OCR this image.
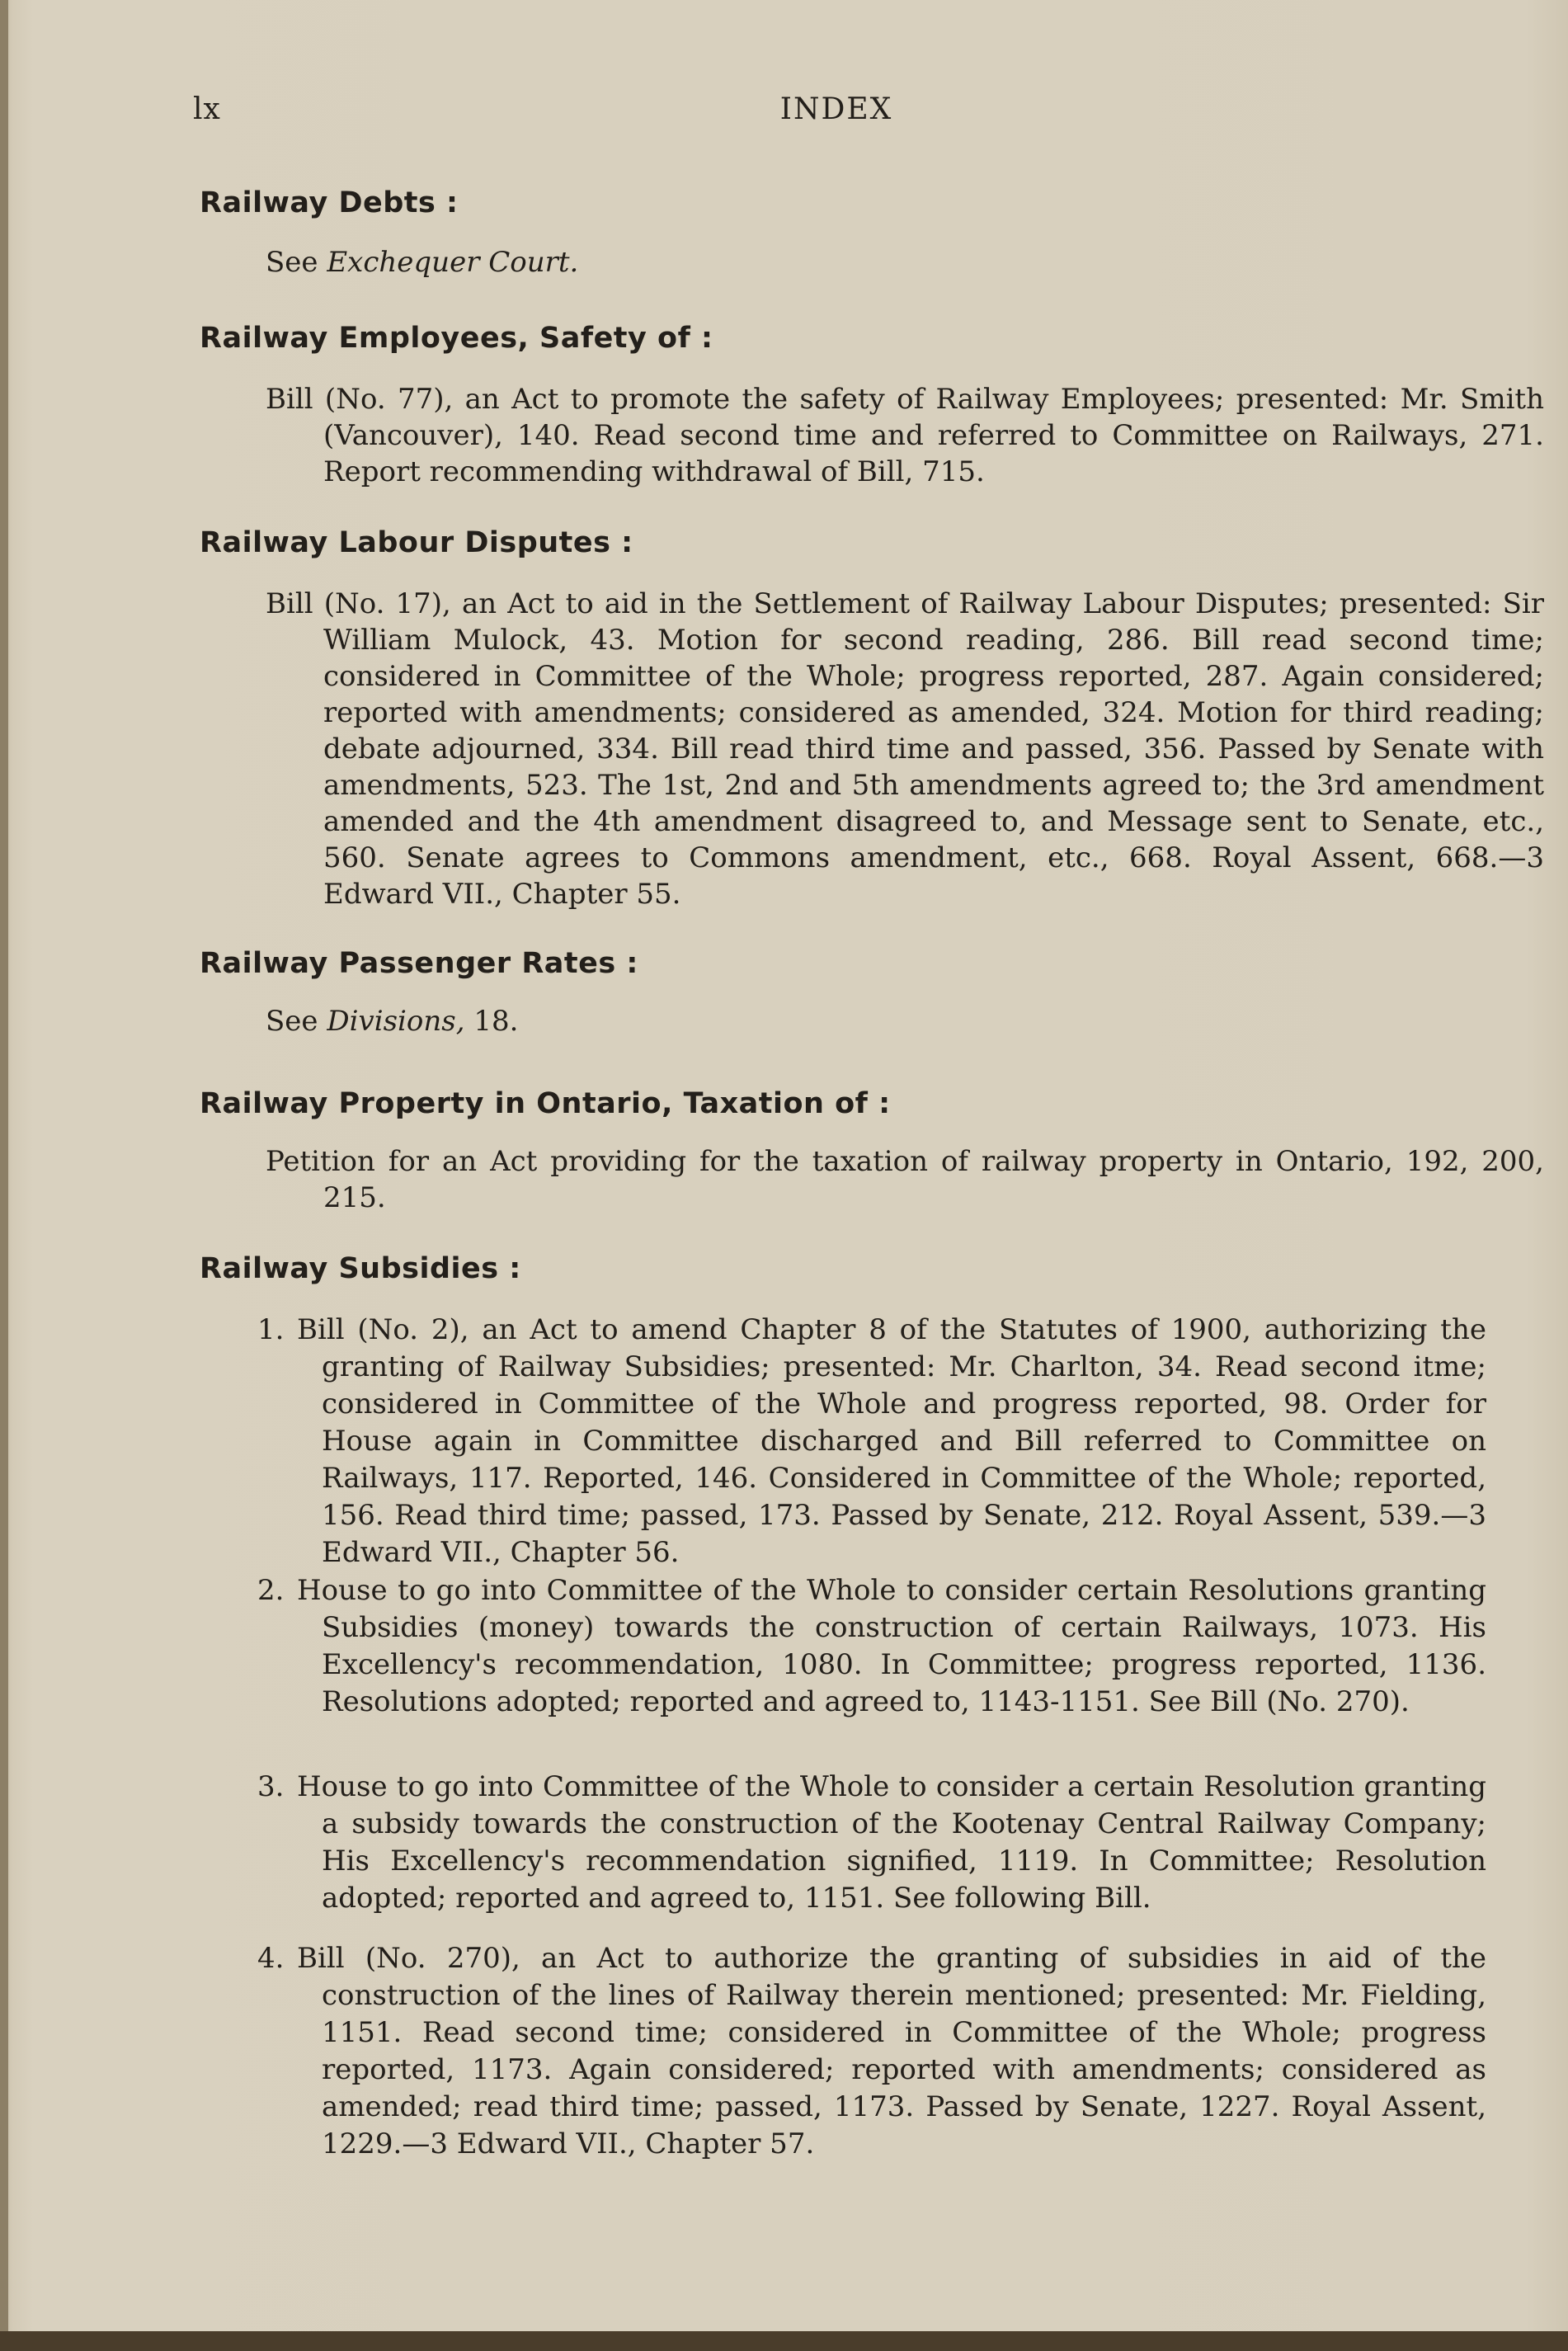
lx	INDEX
Railway Debts :
See Exchequer Court.
Railway Employees, Safety of :
Bill (No. 77), an Act to promote the safety of Railway Employees; presented: Mr. Smith (Vancouver), 140. Read second time and referred to Committee on Railways, 271. Report recommending withdrawal of Bill, 715.
Railway Labour Disputes :
Bill (No. 17), an Act to aid in the Settlement of Railway Labour Disputes; presented: Sir William Mulock, 43. Motion for second reading, 286. Bill read second time; considered in Committee of the Whole; progress reported, 287. Again considered; reported with amendments; considered as amended, 324. Motion for third reading; debate adjourned, 334. Bill read third time and passed, 356. Passed by Senate with amendments, 523. The 1st, 2nd and 5th amendments agreed to; the 3rd amendment amended and the 4th amendment disagreed to, and Message sent to Senate, etc., 560. Senate agrees to Commons amendment, etc., 668. Royal Assent, 668.—3 Edward VII., Chapter 55.
Railway Passenger Rates :
See Divisions, 18.
Railway Property in Ontario, Taxation of :
Petition for an Act providing for the taxation of railway property in Ontario, 192, 200, 215.
Railway Subsidies :
1. Bill (No. 2), an Act to amend Chapter 8 of the Statutes of 1900, authorizing the granting of Railway Subsidies; presented: Mr. Charlton, 34. Read second itme; considered in Committee of the Whole and progress reported, 98. Order for House again in Committee discharged and Bill referred to Committee on Railways, 117. Reported, 146. Considered in Committee of the Whole; reported, 156. Read third time; passed, 173. Passed by Senate, 212. Royal Assent, 539.—3 Edward VII., Chapter 56.
2. House to go into Committee of the Whole to consider certain Resolutions granting Subsidies (money) towards the construction of certain Railways, 1073. His Excellency's recommendation, 1080. In Committee; progress reported, 1136. Resolutions adopted; reported and agreed to, 1143-1151. See Bill (No. 270).
3. House to go into Committee of the Whole to consider a certain Resolution granting a subsidy towards the construction of the Kootenay Central Railway Company; His Excellency's recommendation signified, 1119. In Committee; Resolution adopted; reported and agreed to, 1151. See following Bill.
4. Bill (No. 270), an Act to authorize the granting of subsidies in aid of the construction of the lines of Railway therein mentioned; presented: Mr. Fielding, 1151. Read second time; considered in Committee of the Whole; progress reported, 1173. Again considered; reported with amendments; considered as amended; read third time; passed, 1173. Passed by Senate, 1227. Royal Assent, 1229.—3 Edward VII., Chapter 57.
